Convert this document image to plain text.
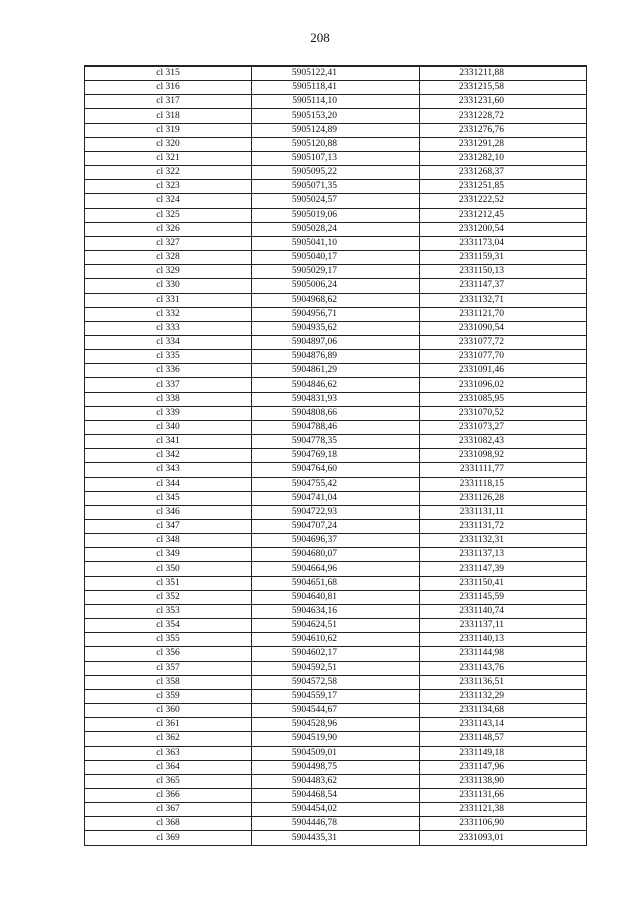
208
cl 315	5905122,41	2331211,88
cl 316	5905118,41	2331215,58
cl 317	5905114,10	2331231,60
cl 318	5905153,20	2331228,72
cl 319	5905124,89	2331276,76
cl 320	5905120,88	2331291,28
cl 321	5905107,13	2331282,10
cl 322	5905095,22	2331268,37
cl 323	5905071,35	2331251,85
cl 324	5905024,57	2331222,52
cl 325	5905019,06	2331212,45
cl 326	5905028,24	2331200,54
cl 327	5905041,10	2331173,04
cl 328	5905040,17	2331159,31
cl 329	5905029,17	2331150,13
cl 330	5905006,24	2331147,37
cl 331	5904968,62	2331132,71
cl 332	5904956,71	2331121,70
cl 333	5904935,62	2331090,54
cl 334	5904897,06	2331077,72
cl 335	5904876,89	2331077,70
cl 336	5904861,29	2331091,46
cl 337	5904846,62	2331096,02
cl 338	5904831,93	2331085,95
cl 339	5904808,66	2331070,52
cl 340	5904788,46	2331073,27
cl 341	5904778,35	2331082,43
cl 342	5904769,18	2331098,92
cl 343	5904764,60	2331111,77
cl 344	5904755,42	2331118,15
cl 345	5904741,04	2331126,28
cl 346	5904722,93	2331131,11
cl 347	5904707,24	2331131,72
cl 348	5904696,37	2331132,31
cl 349	5904680,07	2331137,13
cl 350	5904664,96	2331147,39
cl 351	5904651,68	2331150,41
cl 352	5904640,81	2331145,59
cl 353	5904634,16	2331140,74
cl 354	5904624,51	2331137,11
cl 355	5904610,62	2331140,13
cl 356	5904602,17	2331144,98
cl 357	5904592,51	2331143,76
cl 358	5904572,58	2331136,51
cl 359	5904559,17	2331132,29
cl 360	5904544,67	2331134,68
cl 361	5904528,96	2331143,14
cl 362	5904519,90	2331148,57
cl 363	5904509,01	2331149,18
cl 364	5904498,75	2331147,96
cl 365	5904483,62	2331138,90
cl 366	5904468,54	2331131,66
cl 367	5904454,02	2331121,38
cl 368	5904446,78	2331106,90
cl 369	5904435,31	2331093,01
